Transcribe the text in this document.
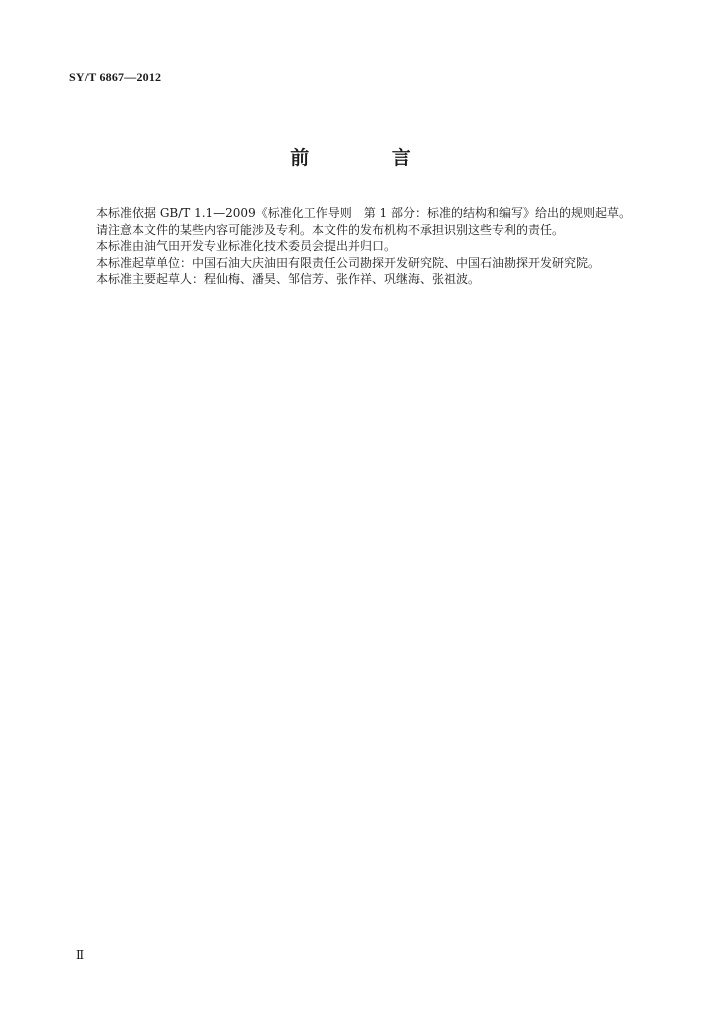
SY/T 6867—2012
前 言

本标准依据 GB/T 1.1—2009《标准化工作导则　第 1 部分：标准的结构和编写》给出的规则起草。

请注意本文件的某些内容可能涉及专利。本文件的发布机构不承担识别这些专利的责任。

本标准由油气田开发专业标准化技术委员会提出并归口。

本标准起草单位：中国石油大庆油田有限责任公司勘探开发研究院、中国石油勘探开发研究院。

本标准主要起草人：程仙梅、潘昊、邹信芳、张作祥、巩继海、张祖波。

Ⅱ
